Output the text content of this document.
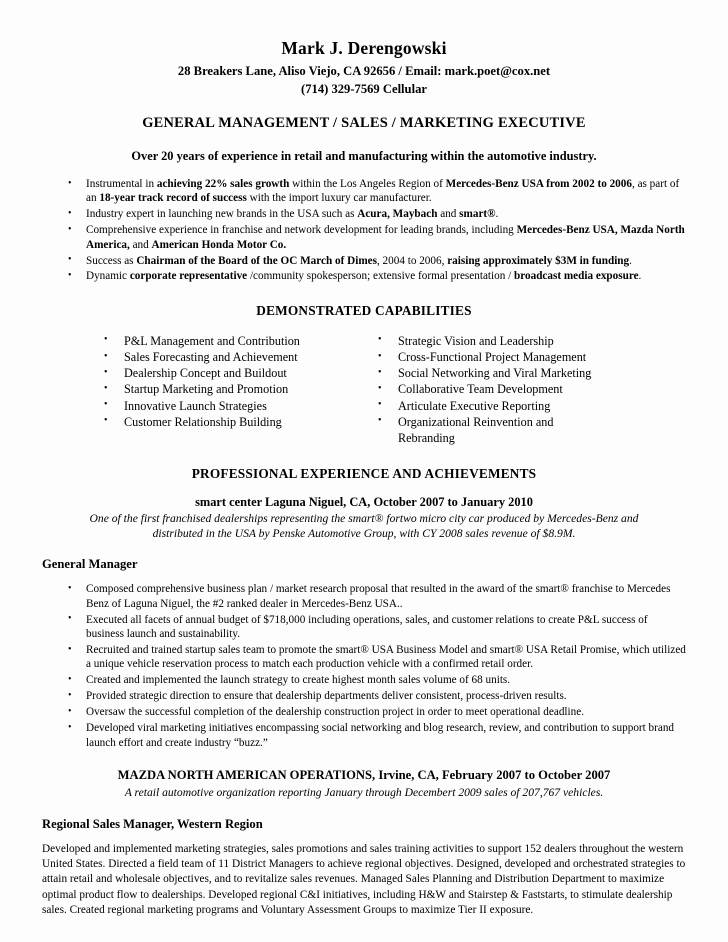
Mark J. Derengowski
28 Breakers Lane, Aliso Viejo, CA 92656 / Email: mark.poet@cox.net
(714) 329-7569 Cellular
GENERAL MANAGEMENT / SALES / MARKETING EXECUTIVE
Over 20 years of experience in retail and manufacturing within the automotive industry.
• Instrumental in achieving 22% sales growth within the Los Angeles Region of Mercedes-Benz USA from 2002 to 2006, as part of an 18-year track record of success with the import luxury car manufacturer.
• Industry expert in launching new brands in the USA such as Acura, Maybach and smart®.
• Comprehensive experience in franchise and network development for leading brands, including Mercedes-Benz USA, Mazda North America, and American Honda Motor Co.
• Success as Chairman of the Board of the OC March of Dimes, 2004 to 2006, raising approximately $3M in funding.
• Dynamic corporate representative /community spokesperson; extensive formal presentation / broadcast media exposure.
DEMONSTRATED CAPABILITIES
• P&L Management and Contribution
• Sales Forecasting and Achievement
• Dealership Concept and Buildout
• Startup Marketing and Promotion
• Innovative Launch Strategies
• Customer Relationship Building
• Strategic Vision and Leadership
• Cross-Functional Project Management
• Social Networking and Viral Marketing
• Collaborative Team Development
• Articulate Executive Reporting
• Organizational Reinvention and Rebranding
PROFESSIONAL EXPERIENCE AND ACHIEVEMENTS
smart center Laguna Niguel, CA, October 2007 to January 2010
One of the first franchised dealerships representing the smart® fortwo micro city car produced by Mercedes-Benz and distributed in the USA by Penske Automotive Group, with CY 2008 sales revenue of $8.9M.
General Manager
• Composed comprehensive business plan / market research proposal that resulted in the award of the smart® franchise to Mercedes Benz of Laguna Niguel, the #2 ranked dealer in Mercedes-Benz USA..
• Executed all facets of annual budget of $718,000 including operations, sales, and customer relations to create P&L success of business launch and sustainability.
• Recruited and trained startup sales team to promote the smart® USA Business Model and smart® USA Retail Promise, which utilized a unique vehicle reservation process to match each production vehicle with a confirmed retail order.
• Created and implemented the launch strategy to create highest month sales volume of 68 units.
• Provided strategic direction to ensure that dealership departments deliver consistent, process-driven results.
• Oversaw the successful completion of the dealership construction project in order to meet operational deadline.
• Developed viral marketing initiatives encompassing social networking and blog research, review, and contribution to support brand launch effort and create industry “buzz.”
MAZDA NORTH AMERICAN OPERATIONS, Irvine, CA, February 2007 to October 2007
A retail automotive organization reporting January through Decembert 2009 sales of 207,767 vehicles.
Regional Sales Manager, Western Region
Developed and implemented marketing strategies, sales promotions and sales training activities to support 152 dealers throughout the western United States. Directed a field team of 11 District Managers to achieve regional objectives. Designed, developed and orchestrated strategies to attain retail and wholesale objectives, and to revitalize sales revenues. Managed Sales Planning and Distribution Department to maximize optimal product flow to dealerships. Developed regional C&I initiatives, including H&W and Stairstep & Faststarts, to stimulate dealership sales. Created regional marketing programs and Voluntary Assessment Groups to maximize Tier II exposure.
